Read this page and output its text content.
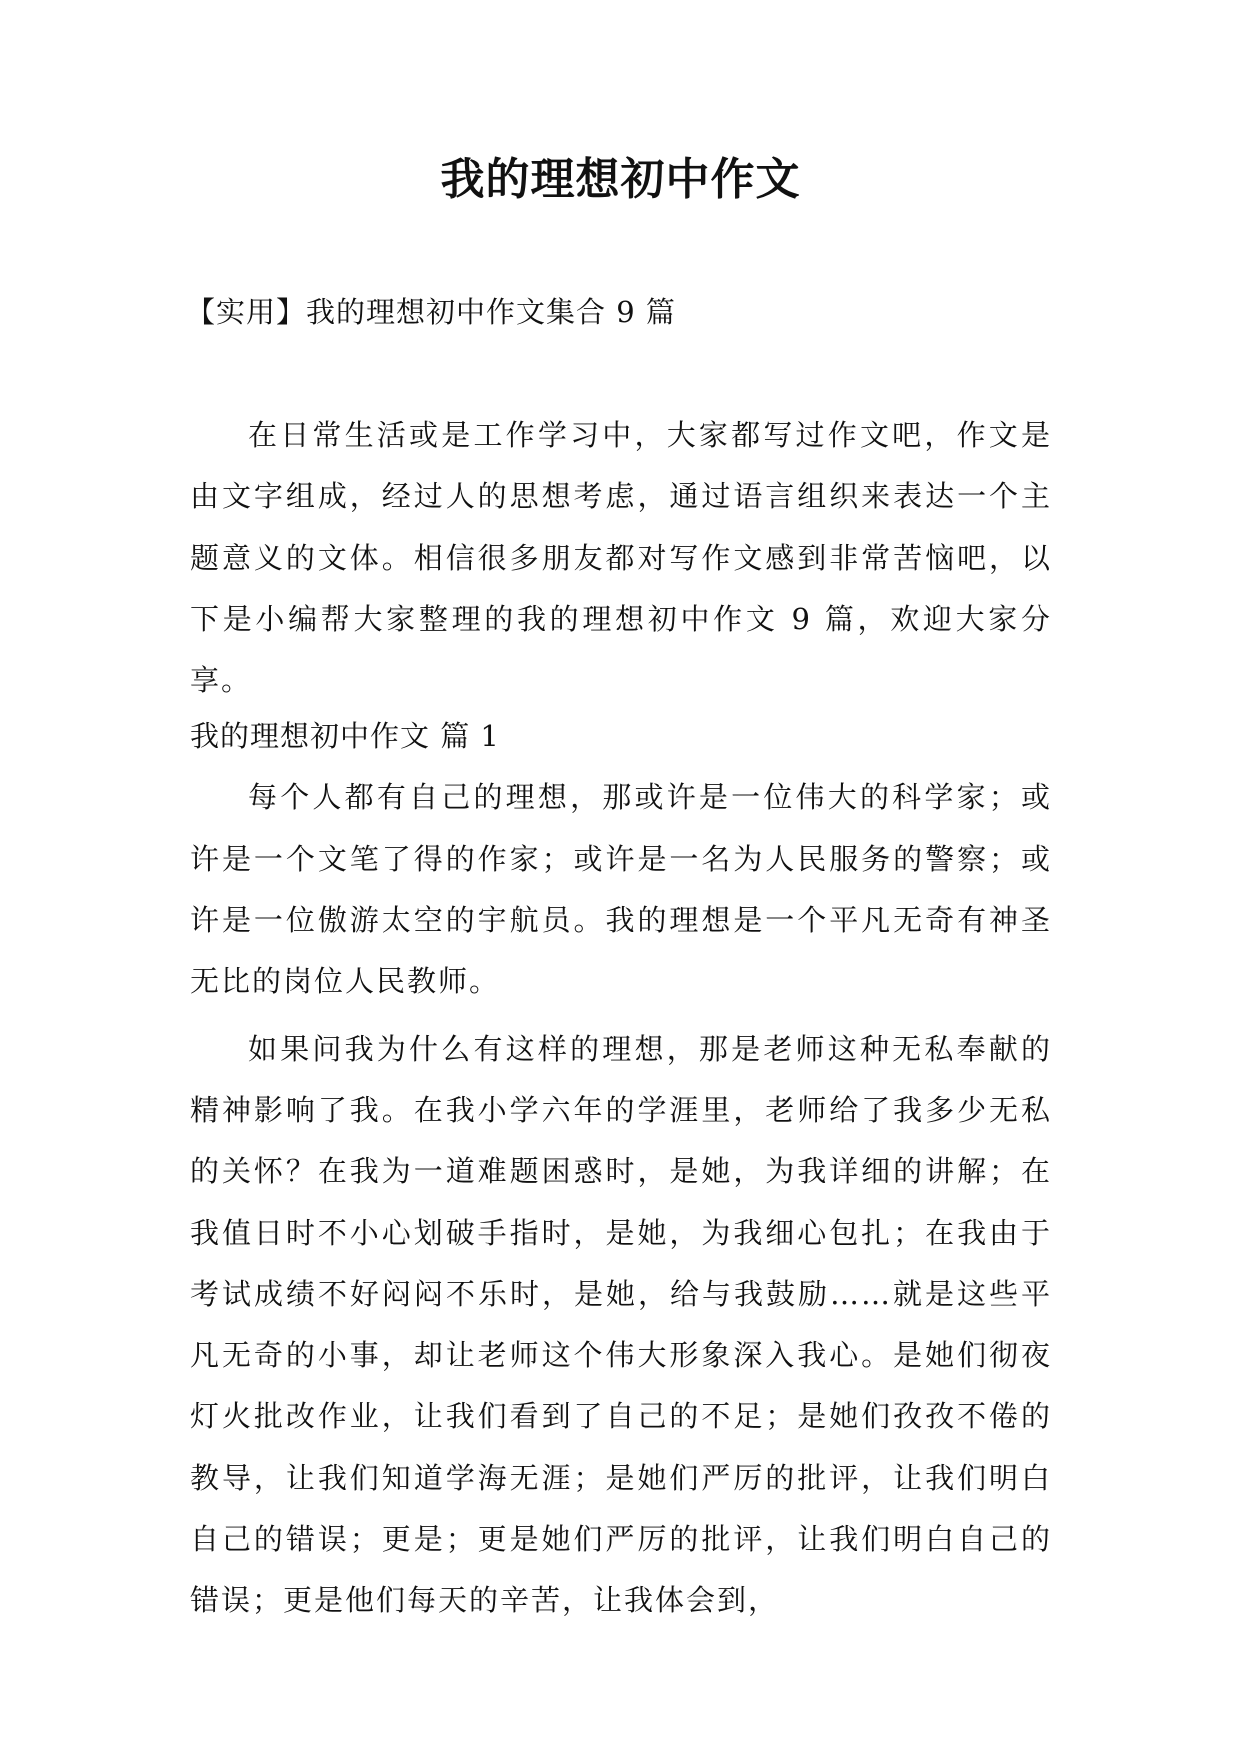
我的理想初中作文
【实用】我的理想初中作文集合 9 篇

在日常生活或是工作学习中，大家都写过作文吧，作文是由文字组成，经过人的思想考虑，通过语言组织来表达一个主题意义的文体。相信很多朋友都对写作文感到非常苦恼吧，以下是小编帮大家整理的我的理想初中作文 9 篇，欢迎大家分享。

我的理想初中作文 篇 1

每个人都有自己的理想，那或许是一位伟大的科学家；或许是一个文笔了得的作家；或许是一名为人民服务的警察；或许是一位傲游太空的宇航员。我的理想是一个平凡无奇有神圣无比的岗位人民教师。

如果问我为什么有这样的理想，那是老师这种无私奉献的精神影响了我。在我小学六年的学涯里，老师给了我多少无私的关怀？在我为一道难题困惑时，是她，为我详细的讲解；在我值日时不小心划破手指时，是她，为我细心包扎；在我由于考试成绩不好闷闷不乐时，是她，给与我鼓励……就是这些平凡无奇的小事，却让老师这个伟大形象深入我心。是她们彻夜灯火批改作业，让我们看到了自己的不足；是她们孜孜不倦的教导，让我们知道学海无涯；是她们严厉的批评，让我们明白自己的错误；更是；更是她们严厉的批评，让我们明白自己的错误；更是他们每天的辛苦，让我体会到，
